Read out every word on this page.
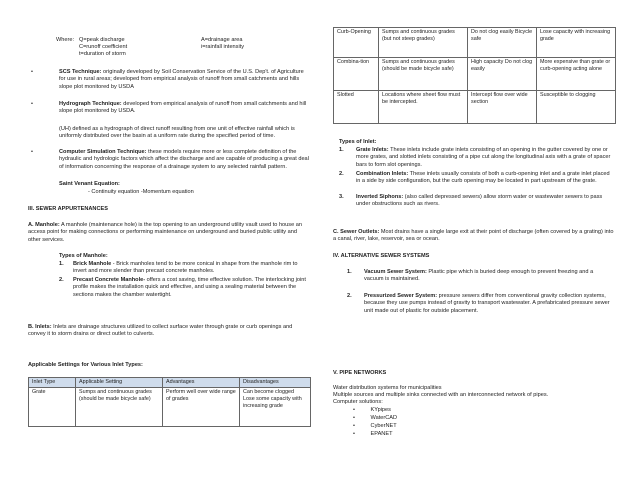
Where: Q=peak discharge
C=runoff coefficient
t=duration of storm
A=drainage area
i=rainfall intensity
•	SCS Technique: originally developed by Soil Conservation Service of the U.S. Dep't. of Agriculture for use in rural areas; developed from empirical analysis of runoff from small catchments and hills slope plot monitored by USDA

•	Hydrograph Technique: developed from empirical analysis of runoff from small catchments and hill slope plot monitored by USDA.

(UH) defined as a hydrograph of direct runoff resulting from one unit of effective rainfall which is uniformly distributed over the basin at a uniform rate during the specified period of time.

•	Computer Simulation Technique: these models require more or less complete definition of the hydraulic and hydrologic factors which affect the discharge and are capable of producing a great deal of information concerning the response of a drainage system to any selected rainfall pattern.

Saint Venant Equation:
- Continuity equation -Momentum equation
III. SEWER APPURTENANCES

A. Manhole: A manhole (maintenance hole) is the top opening to an underground utility vault used to house an access point for making connections or performing maintenance on underground and buried public utility and other services.

Types of Manhole:
1. Brick Manhole - Brick manholes tend to be more conical in shape from the manhole rim to invert and more slender than precast concrete manholes.

2. Precast Concrete Manhole- offers a cost saving, time effective solution. The interlocking joint profile makes the installation quick and effective, and using a sealing material between the sections makes the chamber watertight.

B. Inlets: Inlets are drainage structures utilized to collect surface water through grate or curb openings and convey it to storm drains or direct outlet to culverts.

Applicable Settings for Various Inlet Types:
Inlet Type	Applicable Setting	Advantages	Disadvantages
Grate	Sumps and continuous grades (should be made bicycle safe)	Perform well over wide range of grades	Can become clogged Lose some capacity with increasing grade
Curb-Opening	Sumps and continuous grades (but not steep grades)	Do not clog easily Bicycle safe	Lose capacity with increasing grade
Combina-tion	Sumps and continuous grades (should be made bicycle safe)	High capacity Do not clog easily	More expensive than grate or curb-opening acting alone
Slotted	Locations where sheet flow must be intercepted.	Intercept flow over wide section	Susceptible to clogging
Types of Inlet:
1. Grate Inlets: These inlets include grate inlets consisting of an opening in the gutter covered by one or more grates, and slotted inlets consisting of a pipe cut along the longitudinal axis with a grate of spacer bars to form slot openings.

2. Combination Inlets: These inlets usually consists of both a curb-opening inlet and a grate inlet placed in a side by side configuration, but the curb opening may be located in part upstream of the grate.

3. Inverted Siphons: (also called depressed sewers) allow storm water or wastewater sewers to pass under obstructions such as rivers.

C. Sewer Outlets: Most drains have a single large exit at their point of discharge (often covered by a grating) into a canal, river, lake, reservoir, sea or ocean.

IV. ALTERNATIVE SEWER SYSTEMS
1. Vacuum Sewer System: Plastic pipe which is buried deep enough to prevent freezing and a vacuum is maintained.

2. Pressurized Sewer System: pressure sewers differ from conventional gravity collection systems, because they use pumps instead of gravity to transport wastewater. A prefabricated pressure sewer unit made out of plastic for outside placement.

V. PIPE NETWORKS
Water distribution systems for municipalities
Multiple sources and multiple sinks connected with an interconnected network of pipes.
Computer solutions:
•	KYpipes
•	WaterCAD
•	CyberNET
•	EPANET
